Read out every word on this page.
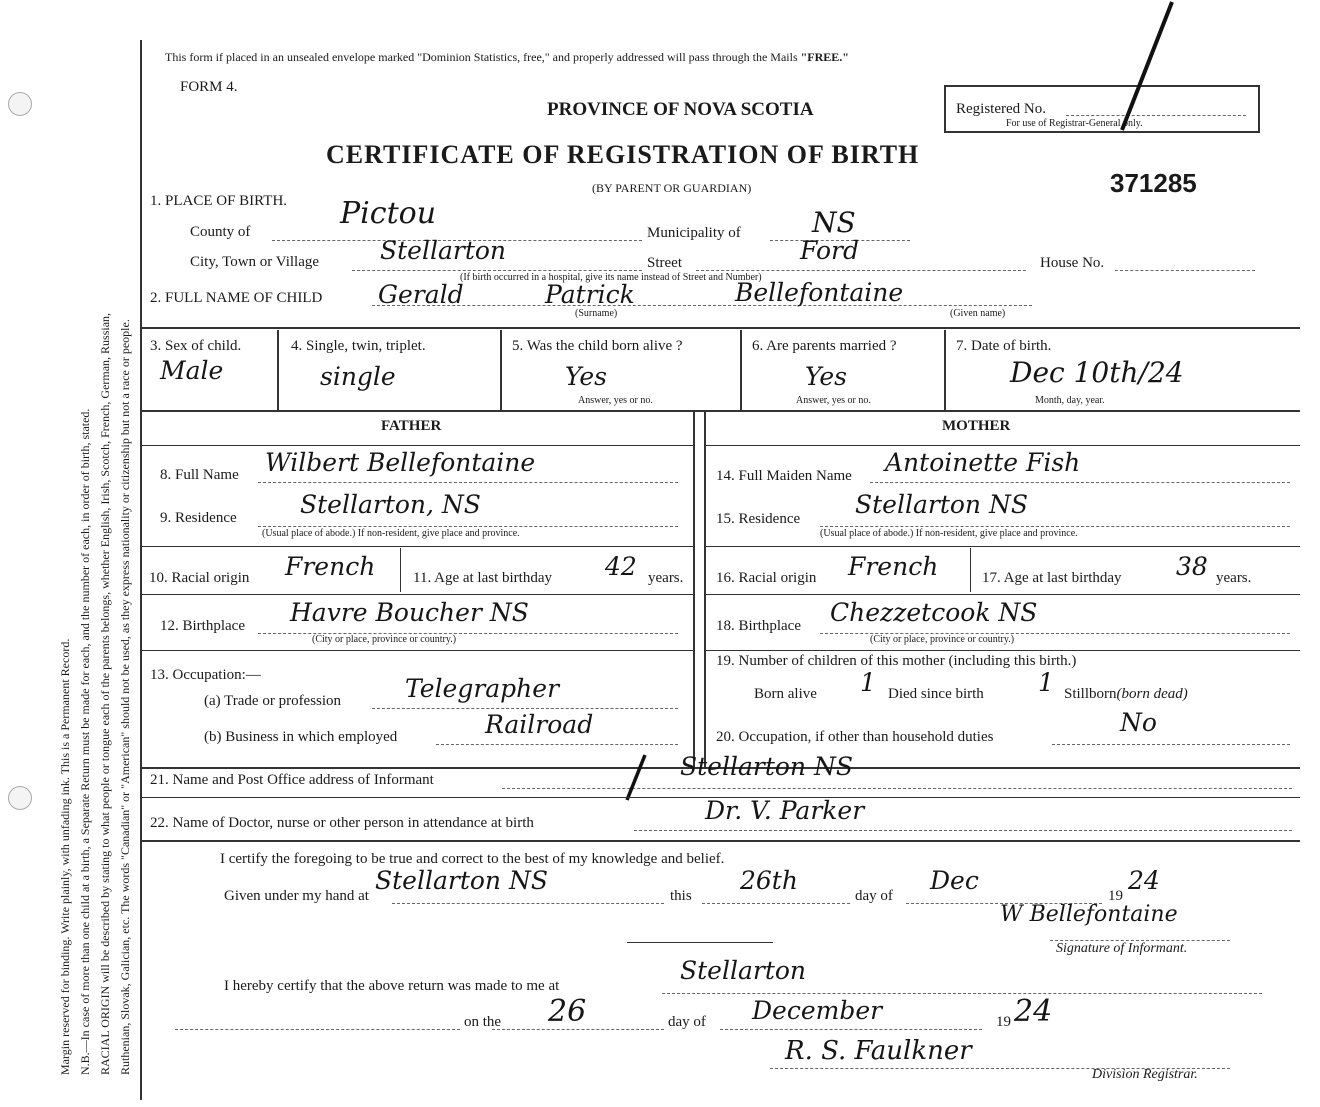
Margin reserved for binding. Write plainly, with unfading ink. This is a Permanent Record. N.B.—In case of more than one child at a birth, a Separate Return must be made for each, and the number of each, in order of birth, stated. RACIAL ORIGIN will be described by stating to what people or tongue each of the parents belongs, whether English, Irish, Scotch, French, German, Russian, Ruthenian, Slovak, Galician, etc. The words "Canadian" or "American" should not be used, as they express nationality or citizenship but not a race or people.
This form if placed in an unsealed envelope marked "Dominion Statistics, free," and properly addressed will pass through the Mails "FREE."
FORM 4.
PROVINCE OF NOVA SCOTIA
CERTIFICATE OF REGISTRATION OF BIRTH
(BY PARENT OR GUARDIAN)
Registered No.
For use of Registrar-General only.
371285
1. PLACE OF BIRTH.
County of
Pictou
Municipality of	NS
City, Town or Village Stellarton	Street	Ford	House No.
(If birth occurred in a hospital, give its name instead of Street and Number)
2. FULL NAME OF CHILD Gerald	Patrick	Bellefontaine
(Surname)	(Given name)
3. Sex of child.
Male
4. Single, twin, triplet.
single
5. Was the child born alive ?
Yes
Answer, yes or no.
6. Are parents married ?
Yes
Answer, yes or no.
7. Date of birth.
Dec 10th/24
Month, day, year.
FATHER	MOTHER
8. Full Name Wilbert Bellefontaine
9. Residence	Stellarton, NS
(Usual place of abode.) If non-resident, give place and province.
10. Racial origin French	11. Age at last birthday 42 years.
12. Birthplace Havre Boucher NS
(City or place, province or country.)
13. Occupation:—
(a) Trade or profession	Telegrapher
(b) Business in which employed	Railroad
14. Full Maiden Name Antoinette Fish
15. Residence Stellarton NS
(Usual place of abode.) If non-resident, give place and province.
16. Racial origin French	17. Age at last birthday 38 years.
18. Birthplace Chezzetcook NS
(City or place, province or country.)
19. Number of children of this mother (including this birth.)
Born alive 1 Died since birth 1 Stillborn(born dead)
20. Occupation, if other than household duties	No
21. Name and Post Office address of Informant	Stellarton NS
22. Name of Doctor, nurse or other person in attendance at birth	Dr. V. Parker
I certify the foregoing to be true and correct to the best of my knowledge and belief.
Given under my hand at
Stellarton NS
this
26th
day of
Dec
19
24
W Bellefontaine
Signature of Informant.
I hereby certify that the above return was made to me at
Stellarton
on the 26	day of December	19 24
R. S. Faulkner
Division Registrar.
